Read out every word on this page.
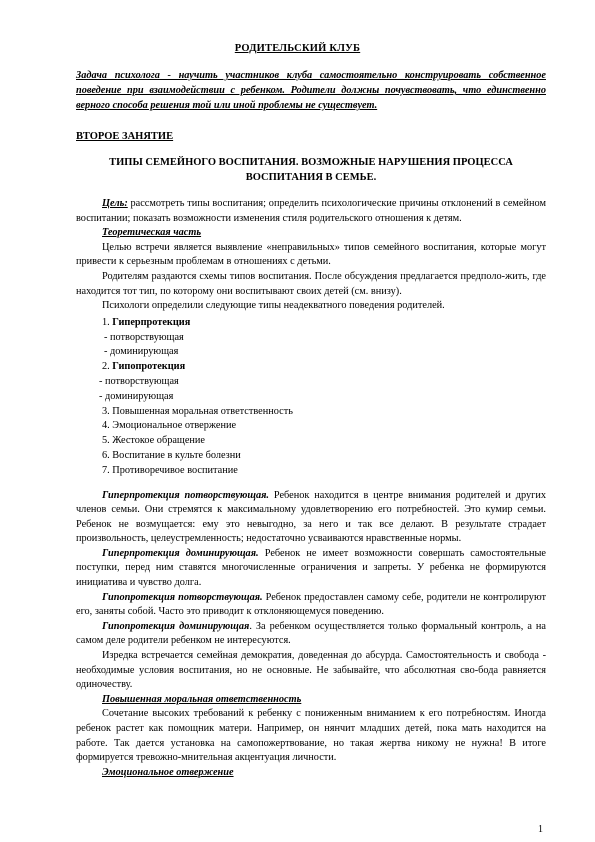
РОДИТЕЛЬСКИЙ КЛУБ

Задача психолога - научить участников клуба самостоятельно конструировать собственное поведение при взаимодействии с ребенком. Родители должны почувствовать, что единственно верного способа решения той или иной проблемы не существует.

ВТОРОЕ ЗАНЯТИЕ

ТИПЫ СЕМЕЙНОГО ВОСПИТАНИЯ. ВОЗМОЖНЫЕ НАРУШЕНИЯ ПРОЦЕССА ВОСПИТАНИЯ В СЕМЬЕ.

Цель: рассмотреть типы воспитания; определить психологические причины отклонений в семейном воспитании; показать возможности изменения стиля родительского отношения к детям.

Теоретическая часть

Целью встречи является выявление «неправильных» типов семейного воспитания, которые могут привести к серьезным проблемам в отношениях с детьми.

Родителям раздаются схемы типов воспитания. После обсуждения предлагается предполо-жить, где находится тот тип, по которому они воспитывают своих детей (см. внизу).

Психологи определили следующие типы неадекватного поведения родителей.

1. Гиперпротекция
- потворствующая
- доминирующая
2. Гипопротекция
- потворствующая
- доминирующая
3. Повышенная моральная ответственность
4. Эмоциональное отвержение
5. Жестокое обращение
6. Воспитание в культе болезни
7. Противоречивое воспитание

Гиперпротекция потворствующая. Ребенок находится в центре внимания родителей и других членов семьи. Они стремятся к максимальному удовлетворению его потребностей. Это кумир семьи. Ребенок не возмущается: ему это невыгодно, за него и так все делают. В результате страдает произвольность, целеустремленность; недостаточно усваиваются нравственные нормы.

Гиперпротекция доминирующая. Ребенок не имеет возможности совершать самостоятельные поступки, перед ним ставятся многочисленные ограничения и запреты. У ребенка не формируются инициатива и чувство долга.

Гипопротекция потворствующая. Ребенок предоставлен самому себе, родители не контролируют его, заняты собой. Часто это приводит к отклоняющемуся поведению.

Гипопротекция доминирующая. За ребенком осуществляется только формальный контроль, а на самом деле родители ребенком не интересуются.

Изредка встречается семейная демократия, доведенная до абсурда. Самостоятельность и свобода - необходимые условия воспитания, но не основные. Не забывайте, что абсолютная сво-бода равняется одиночеству.

Повышенная моральная ответственность

Сочетание высоких требований к ребенку с пониженным вниманием к его потребностям. Иногда ребенок растет как помощник матери. Например, он нянчит младших детей, пока мать находится на работе. Так дается установка на самопожертвование, но такая жертва никому не нужна! В итоге формируется тревожно-мнительная акцентуация личности.

Эмоциональное отвержение

1
